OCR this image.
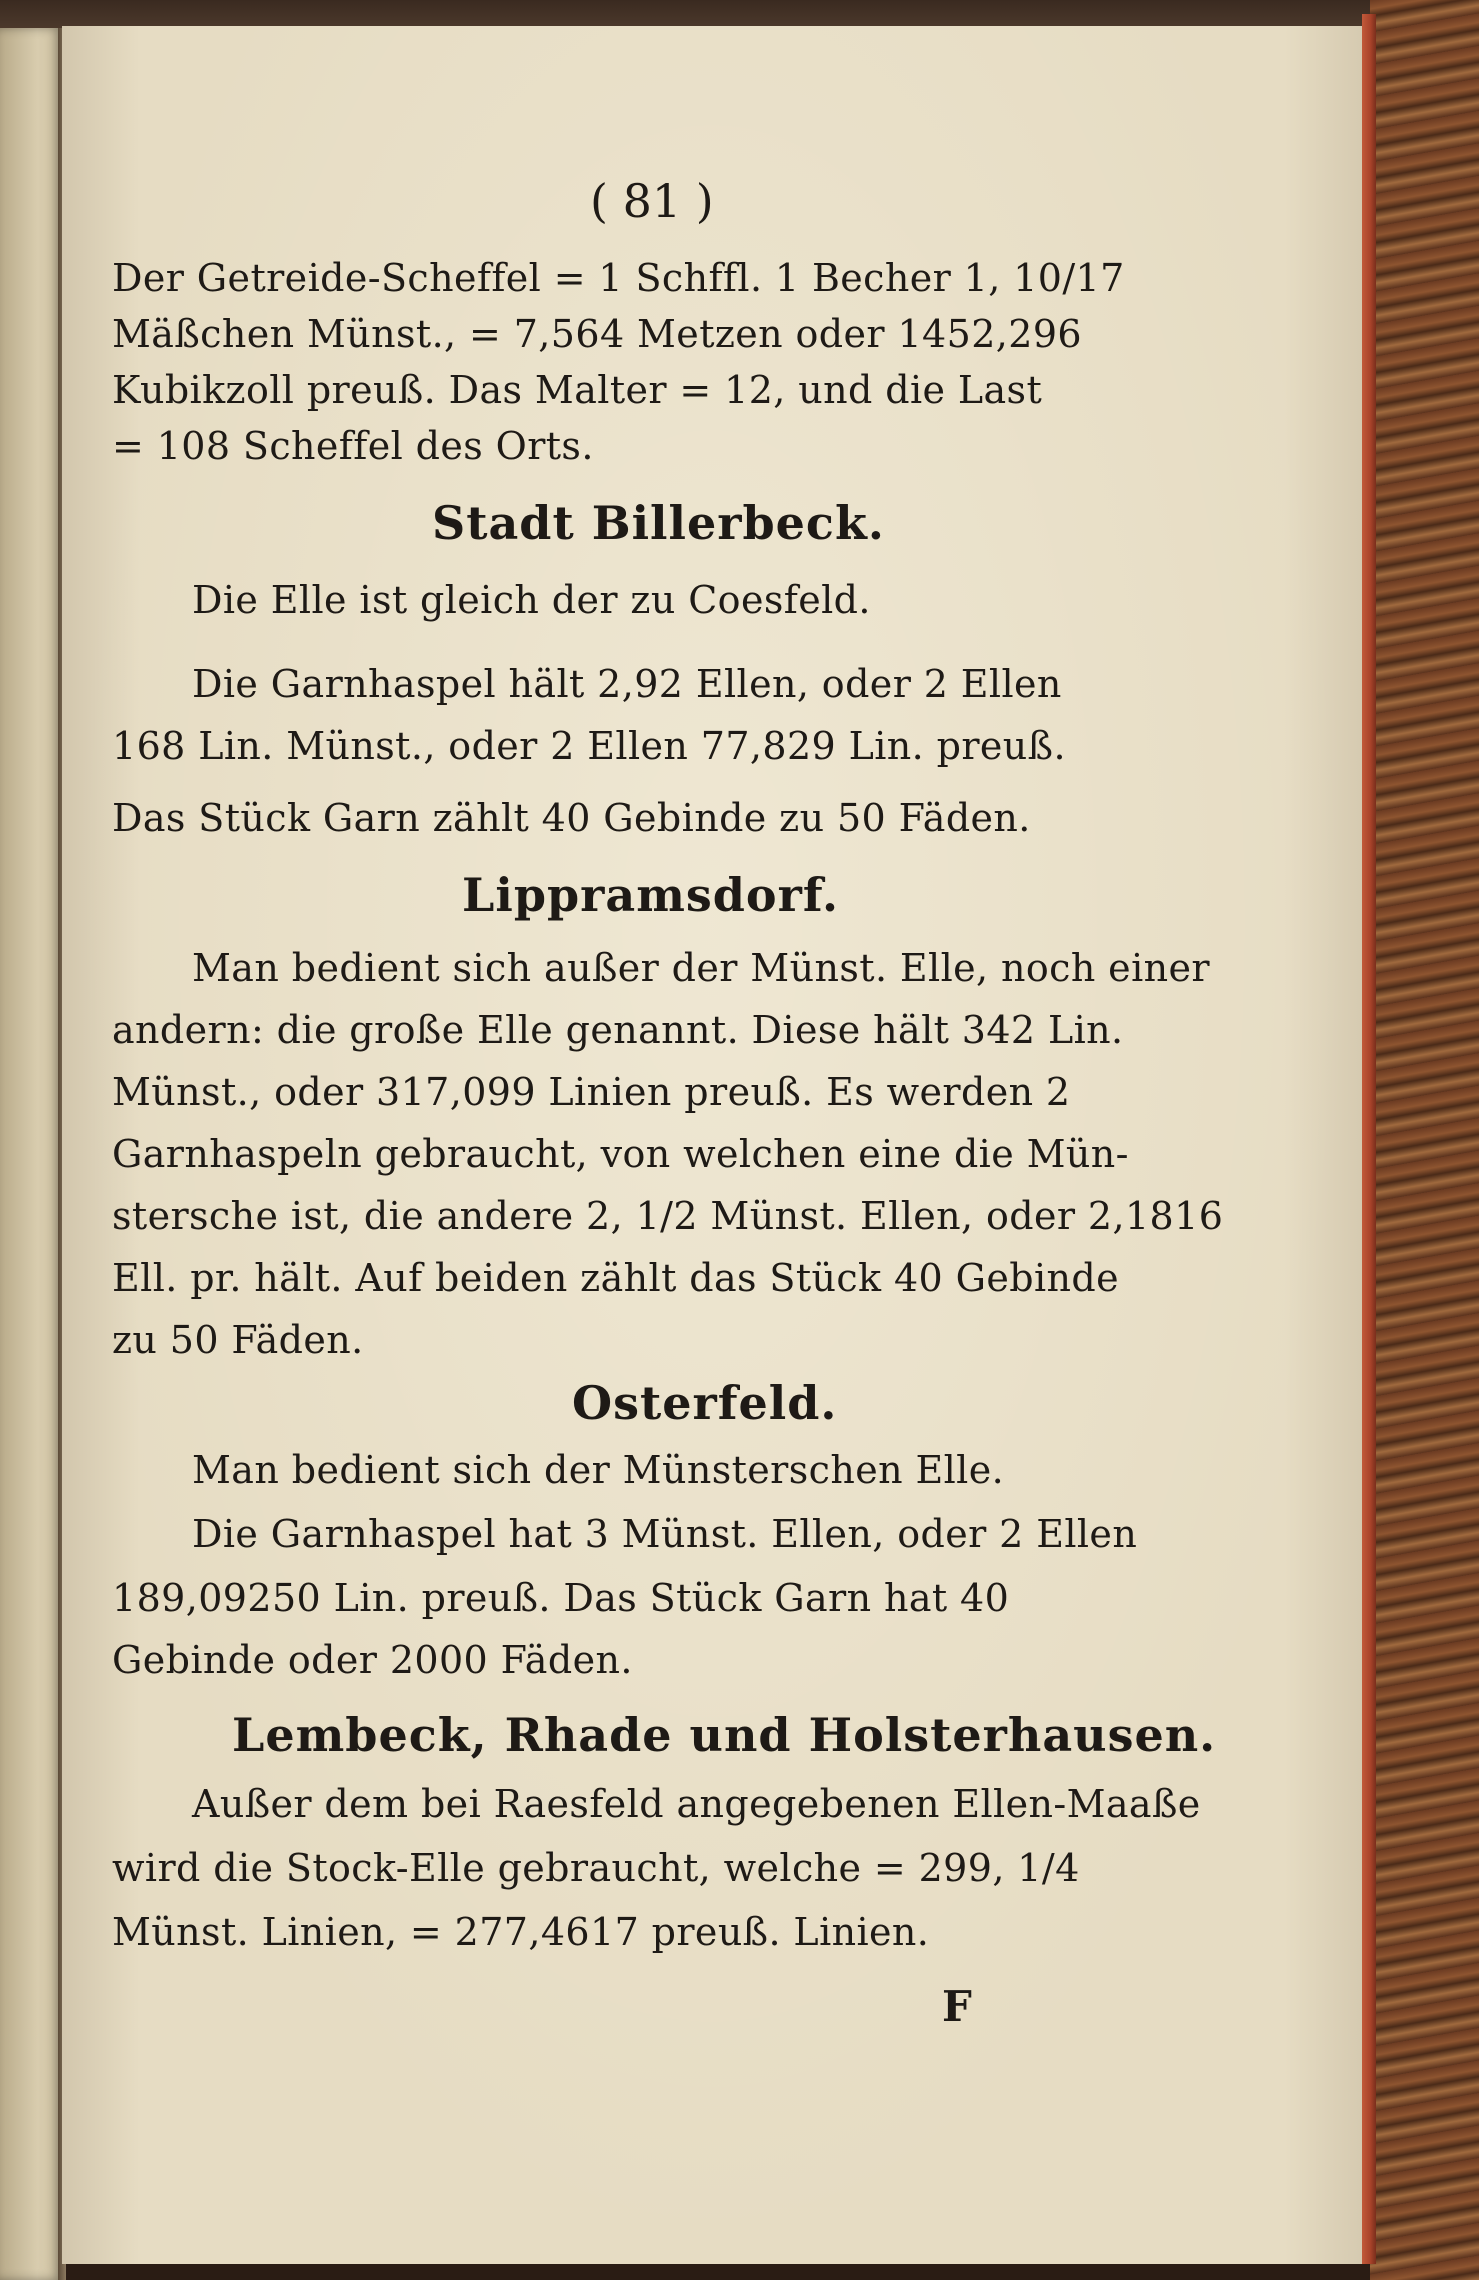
( 81 )
Der Getreide-Scheffel = 1 Schffl. 1 Becher 1, 10/17
Mäßchen Münst., = 7,564 Metzen oder 1452,296
Kubikzoll preuß. Das Malter = 12, und die Last
= 108 Scheffel des Orts.
Stadt Billerbeck.
Die Elle ist gleich der zu Coesfeld.
Die Garnhaspel hält 2,92 Ellen, oder 2 Ellen
168 Lin. Münst., oder 2 Ellen 77,829 Lin. preuß.
Das Stück Garn zählt 40 Gebinde zu 50 Fäden.
Lippramsdorf.
Man bedient sich außer der Münst. Elle, noch einer
andern: die große Elle genannt. Diese hält 342 Lin.
Münst., oder 317,099 Linien preuß. Es werden 2
Garnhaspeln gebraucht, von welchen eine die Mün-
stersche ist, die andere 2, 1/2 Münst. Ellen, oder 2,1816
Ell. pr. hält. Auf beiden zählt das Stück 40 Gebinde
zu 50 Fäden.
Osterfeld.
Man bedient sich der Münsterschen Elle.
Die Garnhaspel hat 3 Münst. Ellen, oder 2 Ellen
189,09250 Lin. preuß. Das Stück Garn hat 40
Gebinde oder 2000 Fäden.
Lembeck, Rhade und Holsterhausen.
Außer dem bei Raesfeld angegebenen Ellen-Maaße
wird die Stock-Elle gebraucht, welche = 299, 1/4
Münst. Linien, = 277,4617 preuß. Linien.
F
